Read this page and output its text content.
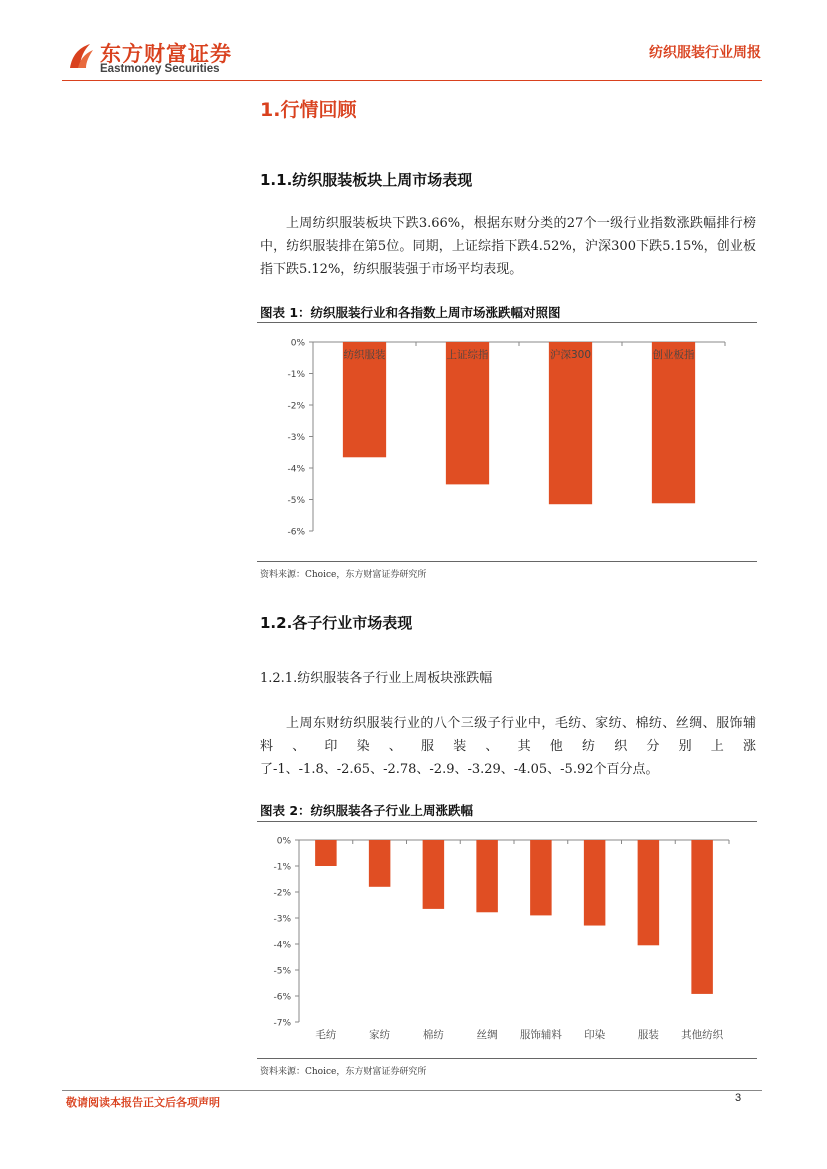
东方财富证券
Eastmoney Securities
纺织服装行业周报
1.行情回顾
1.1.纺织服装板块上周市场表现
上周纺织服装板块下跌3.66%，根据东财分类的27个一级行业指数涨跌幅排行榜中，纺织服装排在第5位。同期，上证综指下跌4.52%，沪深300下跌5.15%，创业板指下跌5.12%，纺织服装强于市场平均表现。
图表 1：纺织服装行业和各指数上周市场涨跌幅对照图
0%
-1%
-2%
-3%
-4%
-5%
-6%
纺织服装	上证综指	沪深300	创业板指
资料来源：Choice，东方财富证券研究所
1.2.各子行业市场表现
1.2.1.纺织服装各子行业上周板块涨跌幅
上周东财纺织服装行业的八个三级子行业中，毛纺、家纺、棉纺、丝绸、服饰辅料、印染、服装、其他纺织分别上涨了-1、-1.8、-2.65、-2.78、-2.9、-3.29、-4.05、-5.92个百分点。
图表 2：纺织服装各子行业上周涨跌幅
0%
-1%
-2%
-3%
-4%
-5%
-6%
-7%
毛纺	家纺	棉纺	丝绸 服饰辅料 印染	服装 其他纺织
资料来源：Choice，东方财富证券研究所
敬请阅读本报告正文后各项声明	3
